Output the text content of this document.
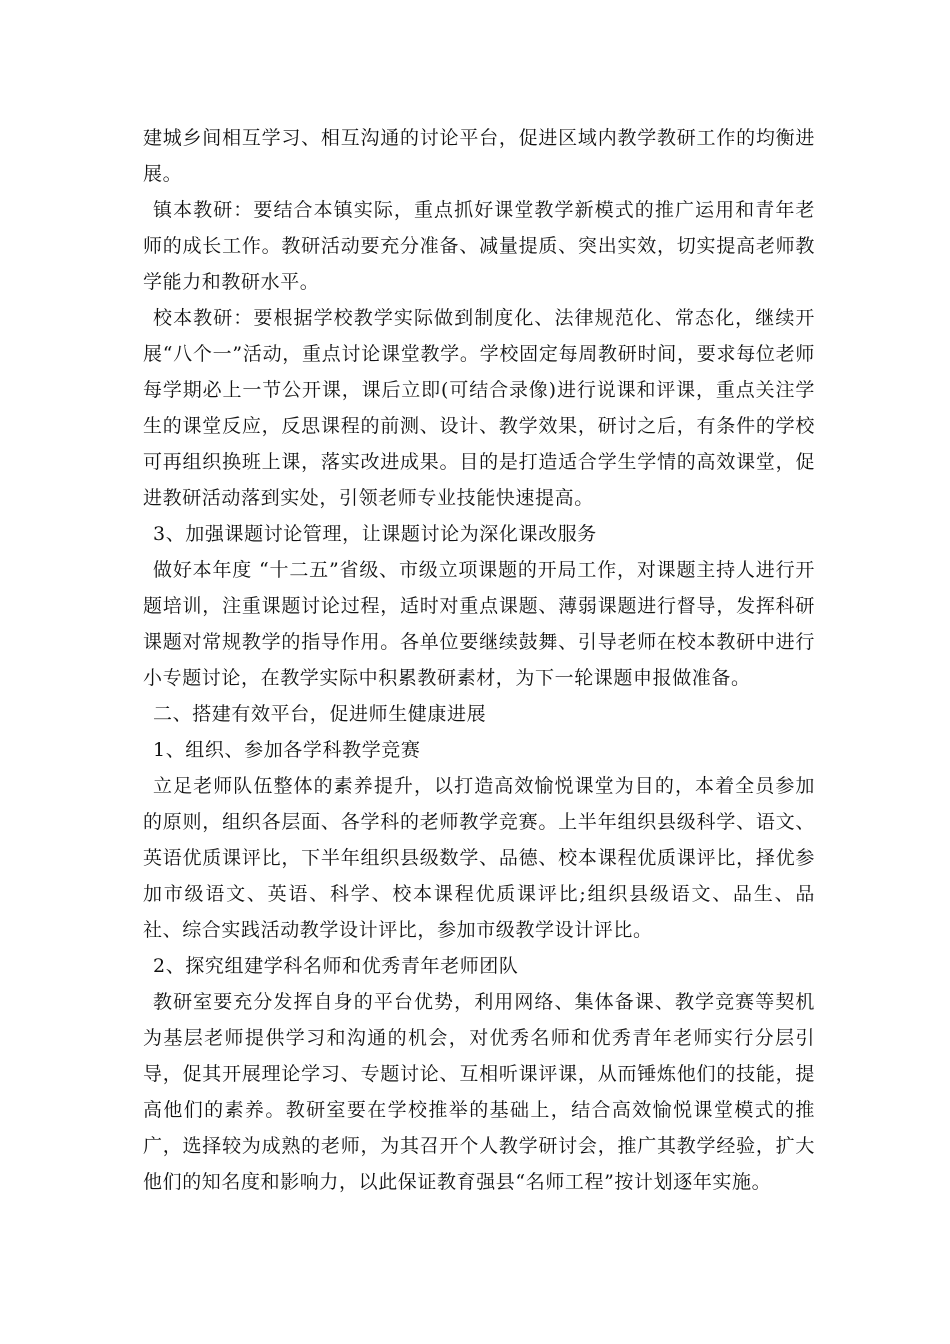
建城乡间相互学习、相互沟通的讨论平台，促进区域内教学教研工作的均衡进展。

镇本教研：要结合本镇实际，重点抓好课堂教学新模式的推广运用和青年老师的成长工作。教研活动要充分准备、减量提质、突出实效，切实提高老师教学能力和教研水平。

校本教研：要根据学校教学实际做到制度化、法律规范化、常态化，继续开展“八个一”活动，重点讨论课堂教学。学校固定每周教研时间，要求每位老师每学期必上一节公开课，课后立即(可结合录像)进行说课和评课，重点关注学生的课堂反应，反思课程的前测、设计、教学效果，研讨之后，有条件的学校可再组织换班上课，落实改进成果。目的是打造适合学生学情的高效课堂，促进教研活动落到实处，引领老师专业技能快速提高。

3、加强课题讨论管理，让课题讨论为深化课改服务

做好本年度 “十二五”省级、市级立项课题的开局工作，对课题主持人进行开题培训，注重课题讨论过程，适时对重点课题、薄弱课题进行督导，发挥科研课题对常规教学的指导作用。各单位要继续鼓舞、引导老师在校本教研中进行小专题讨论，在教学实际中积累教研素材，为下一轮课题申报做准备。

二、搭建有效平台，促进师生健康进展

1、组织、参加各学科教学竞赛

立足老师队伍整体的素养提升，以打造高效愉悦课堂为目的，本着全员参加的原则，组织各层面、各学科的老师教学竞赛。上半年组织县级科学、语文、英语优质课评比，下半年组织县级数学、品德、校本课程优质课评比，择优参加市级语文、英语、科学、校本课程优质课评比;组织县级语文、品生、品社、综合实践活动教学设计评比，参加市级教学设计评比。

2、探究组建学科名师和优秀青年老师团队

教研室要充分发挥自身的平台优势，利用网络、集体备课、教学竞赛等契机为基层老师提供学习和沟通的机会，对优秀名师和优秀青年老师实行分层引导，促其开展理论学习、专题讨论、互相听课评课，从而锤炼他们的技能，提高他们的素养。教研室要在学校推举的基础上，结合高效愉悦课堂模式的推广，选择较为成熟的老师，为其召开个人教学研讨会，推广其教学经验，扩大他们的知名度和影响力，以此保证教育强县“名师工程”按计划逐年实施。
